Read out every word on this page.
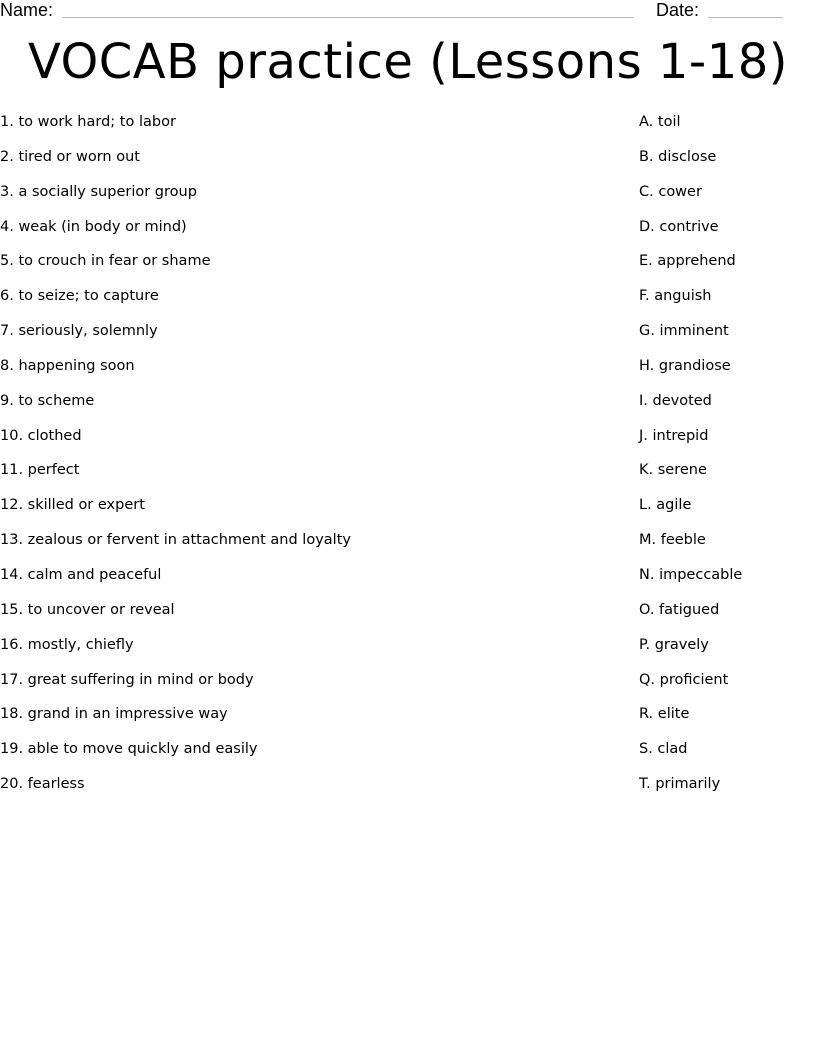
Name:	Date:
VOCAB practice (Lessons 1-18)
1. to work hard; to labor
2. tired or worn out
3. a socially superior group
4. weak (in body or mind)
5. to crouch in fear or shame
6. to seize; to capture
7. seriously, solemnly
8. happening soon
9. to scheme
10. clothed
11. perfect
12. skilled or expert
13. zealous or fervent in attachment and loyalty
14. calm and peaceful
15. to uncover or reveal
16. mostly, chiefly
17. great suffering in mind or body
18. grand in an impressive way
19. able to move quickly and easily
20. fearless
A. toil
B. disclose
C. cower
D. contrive
E. apprehend
F. anguish
G. imminent
H. grandiose
I. devoted
J. intrepid
K. serene
L. agile
M. feeble
N. impeccable
O. fatigued
P. gravely
Q. proficient
R. elite
S. clad
T. primarily
